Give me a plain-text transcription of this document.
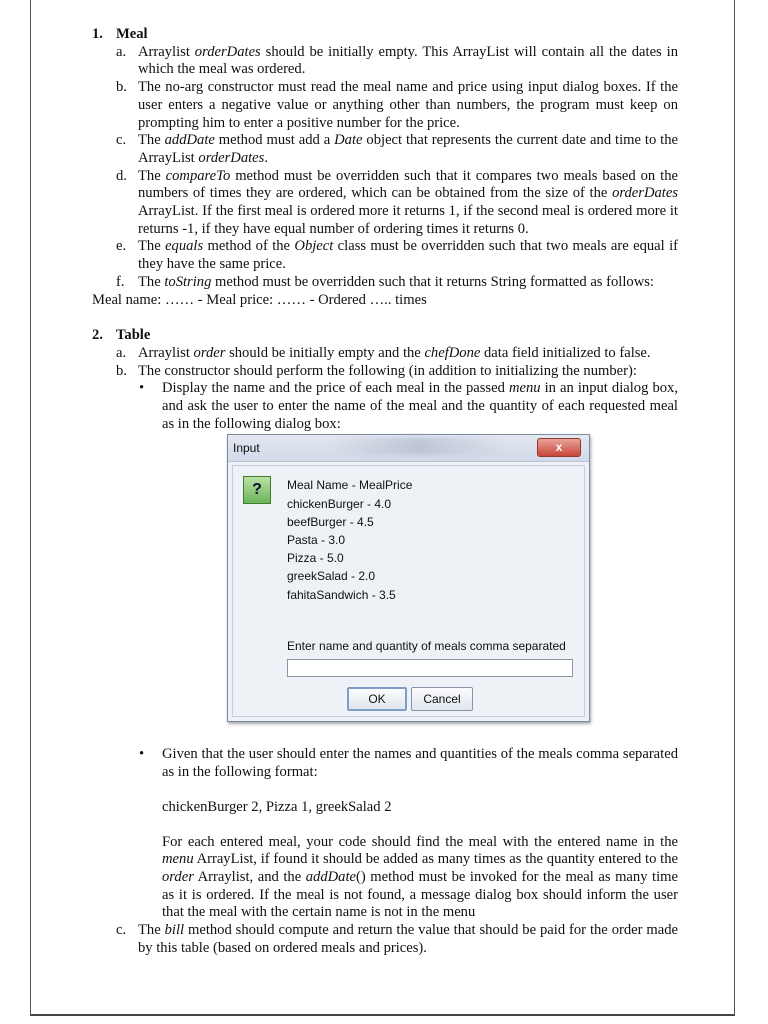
1. Meal
a. Arraylist orderDates should be initially empty. This ArrayList will contain all the dates in which the meal was ordered.
b. The no-arg constructor must read the meal name and price using input dialog boxes. If the user enters a negative value or anything other than numbers, the program must keep on prompting him to enter a positive number for the price.
c. The addDate method must add a Date object that represents the current date and time to the ArrayList orderDates.
d. The compareTo method must be overridden such that it compares two meals based on the numbers of times they are ordered, which can be obtained from the size of the orderDates ArrayList. If the first meal is ordered more it returns 1, if the second meal is ordered more it returns -1, if they have equal number of ordering times it returns 0.
e. The equals method of the Object class must be overridden such that two meals are equal if they have the same price.
f. The toString method must be overridden such that it returns String formatted as follows:
Meal name: …… - Meal price: …… - Ordered ….. times
2. Table
a. Arraylist order should be initially empty and the chefDone data field initialized to false.
b. The constructor should perform the following (in addition to initializing the number):
• Display the name and the price of each meal in the passed menu in an input dialog box, and ask the user to enter the name of the meal and the quantity of each requested meal as in the following dialog box:
Input	x
?	Meal Name - MealPrice
chickenBurger - 4.0
beefBurger - 4.5
Pasta - 3.0
Pizza - 5.0
greekSalad - 2.0
fahitaSandwich - 3.5
Enter name and quantity of meals comma separated
OK	Cancel
• Given that the user should enter the names and quantities of the meals comma separated as in the following format:
chickenBurger 2, Pizza 1, greekSalad 2
For each entered meal, your code should find the meal with the entered name in the menu ArrayList, if found it should be added as many times as the quantity entered to the order Arraylist, and the addDate() method must be invoked for the meal as many time as it is ordered. If the meal is not found, a message dialog box should inform the user that the meal with the certain name is not in the menu
c. The bill method should compute and return the value that should be paid for the order made by this table (based on ordered meals and prices).
